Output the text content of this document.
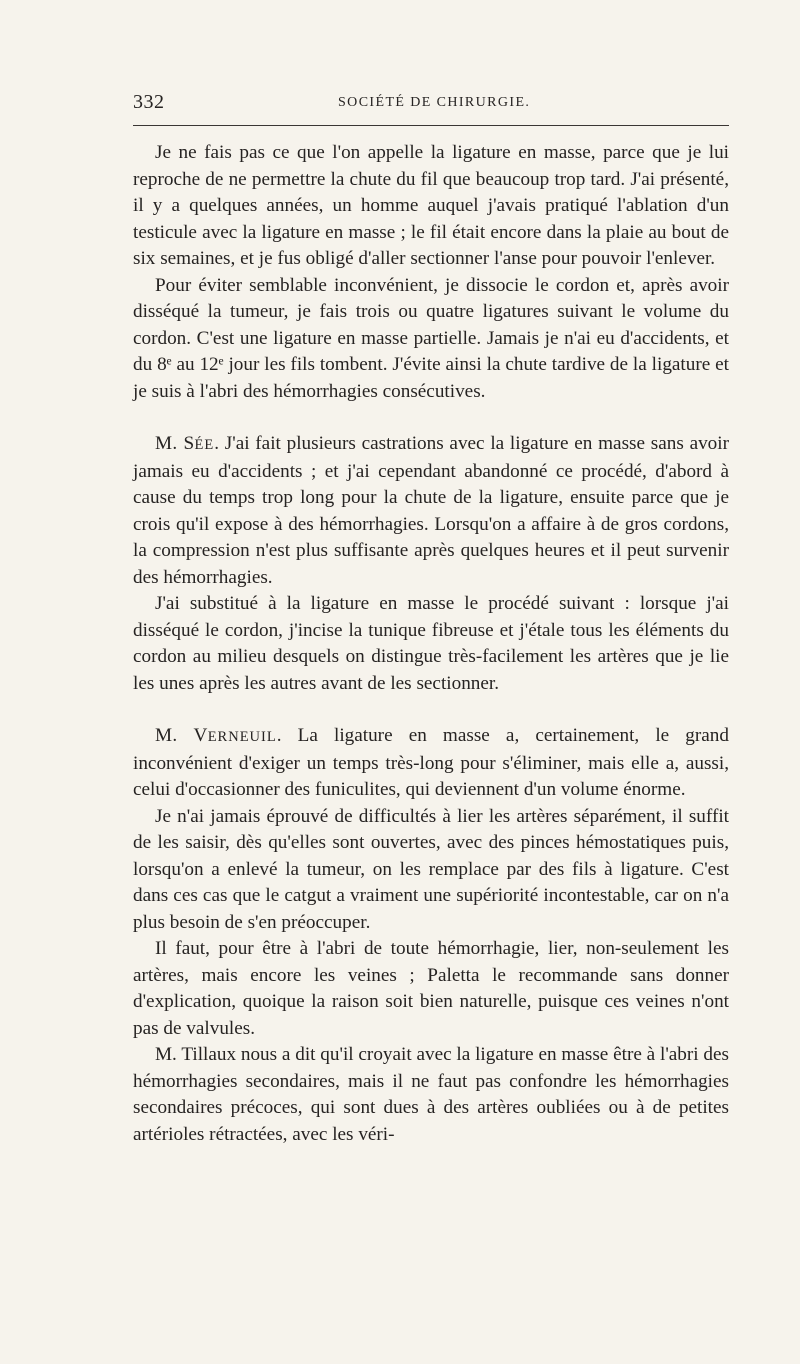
332	SOCIÉTÉ DE CHIRURGIE.

Je ne fais pas ce que l'on appelle la ligature en masse, parce que je lui reproche de ne permettre la chute du fil que beaucoup trop tard. J'ai présenté, il y a quelques années, un homme auquel j'avais pratiqué l'ablation d'un testicule avec la ligature en masse ; le fil était encore dans la plaie au bout de six semaines, et je fus obligé d'aller sectionner l'anse pour pouvoir l'enlever.

Pour éviter semblable inconvénient, je dissocie le cordon et, après avoir disséqué la tumeur, je fais trois ou quatre ligatures suivant le volume du cordon. C'est une ligature en masse partielle. Jamais je n'ai eu d'accidents, et du 8ᵉ au 12ᵉ jour les fils tombent. J'évite ainsi la chute tardive de la ligature et je suis à l'abri des hémorrhagies consécutives.

M. SÉE. J'ai fait plusieurs castrations avec la ligature en masse sans avoir jamais eu d'accidents ; et j'ai cependant abandonné ce procédé, d'abord à cause du temps trop long pour la chute de la ligature, ensuite parce que je crois qu'il expose à des hémorrhagies. Lorsqu'on a affaire à de gros cordons, la compression n'est plus suffisante après quelques heures et il peut survenir des hémorrhagies.

J'ai substitué à la ligature en masse le procédé suivant : lorsque j'ai disséqué le cordon, j'incise la tunique fibreuse et j'étale tous les éléments du cordon au milieu desquels on distingue très-facilement les artères que je lie les unes après les autres avant de les sectionner.

M. VERNEUIL. La ligature en masse a, certainement, le grand inconvénient d'exiger un temps très-long pour s'éliminer, mais elle a, aussi, celui d'occasionner des funiculites, qui deviennent d'un volume énorme.

Je n'ai jamais éprouvé de difficultés à lier les artères séparément, il suffit de les saisir, dès qu'elles sont ouvertes, avec des pinces hémostatiques puis, lorsqu'on a enlevé la tumeur, on les remplace par des fils à ligature. C'est dans ces cas que le catgut a vraiment une supériorité incontestable, car on n'a plus besoin de s'en préoccuper.

Il faut, pour être à l'abri de toute hémorrhagie, lier, non-seulement les artères, mais encore les veines ; Paletta le recommande sans donner d'explication, quoique la raison soit bien naturelle, puisque ces veines n'ont pas de valvules.

M. Tillaux nous a dit qu'il croyait avec la ligature en masse être à l'abri des hémorrhagies secondaires, mais il ne faut pas confondre les hémorrhagies secondaires précoces, qui sont dues à des artères oubliées ou à de petites artérioles rétractées, avec les véri-
